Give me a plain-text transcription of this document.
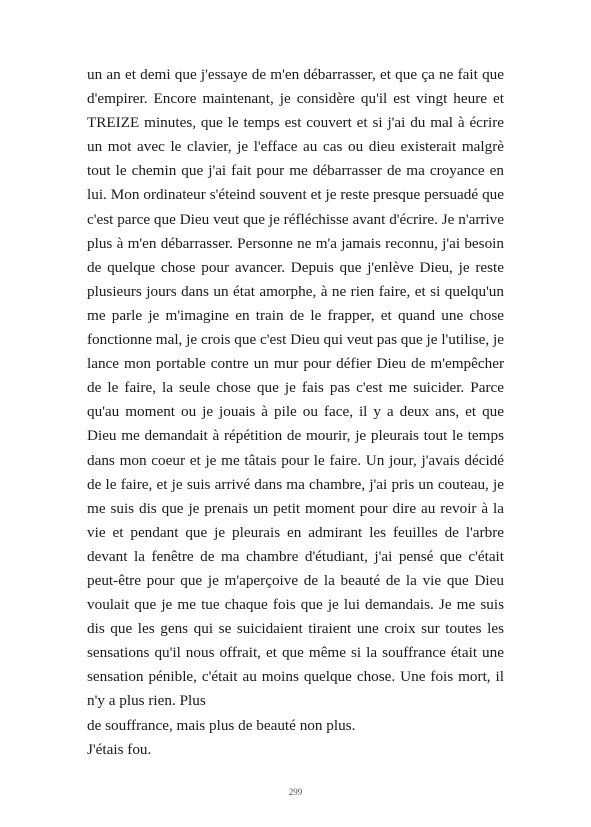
un an et demi que j'essaye de m'en débarrasser, et que ça ne fait que d'empirer. Encore maintenant, je considère qu'il est vingt heure et TREIZE minutes, que le temps est couvert et si j'ai du mal à écrire un mot avec le clavier, je l'efface au cas ou dieu existerait malgrè tout le chemin que j'ai fait pour me débarrasser de ma croyance en lui. Mon ordinateur s'éteind souvent et je reste presque persuadé que c'est parce que Dieu veut que je réfléchisse avant d'écrire. Je n'arrive plus à m'en débarrasser. Personne ne m'a jamais reconnu, j'ai besoin de quelque chose pour avancer. Depuis que j'enlève Dieu, je reste plusieurs jours dans un état amorphe, à ne rien faire, et si quelqu'un me parle je m'imagine en train de le frapper, et quand une chose fonctionne mal, je crois que c'est Dieu qui veut pas que je l'utilise, je lance mon portable contre un mur pour défier Dieu de m'empêcher de le faire, la seule chose que je fais pas c'est me suicider. Parce qu'au moment ou je jouais à pile ou face, il y a deux ans, et que Dieu me demandait à répétition de mourir, je pleurais tout le temps dans mon coeur et je me tâtais pour le faire. Un jour, j'avais décidé de le faire, et je suis arrivé dans ma chambre, j'ai pris un couteau, je me suis dis que je prenais un petit moment pour dire au revoir à la vie et pendant que je pleurais en admirant les feuilles de l'arbre devant la fenêtre de ma chambre d'étudiant, j'ai pensé que c'était peut-être pour que je m'aperçoive de la beauté de la vie que Dieu voulait que je me tue chaque fois que je lui demandais. Je me suis dis que les gens qui se suicidaient tiraient une croix sur toutes les sensations qu'il nous offrait, et que même si la souffrance était une sensation pénible, c'était au moins quelque chose. Une fois mort, il n'y a plus rien. Plus

de souffrance, mais plus de beauté non plus.

J'étais fou.

299
